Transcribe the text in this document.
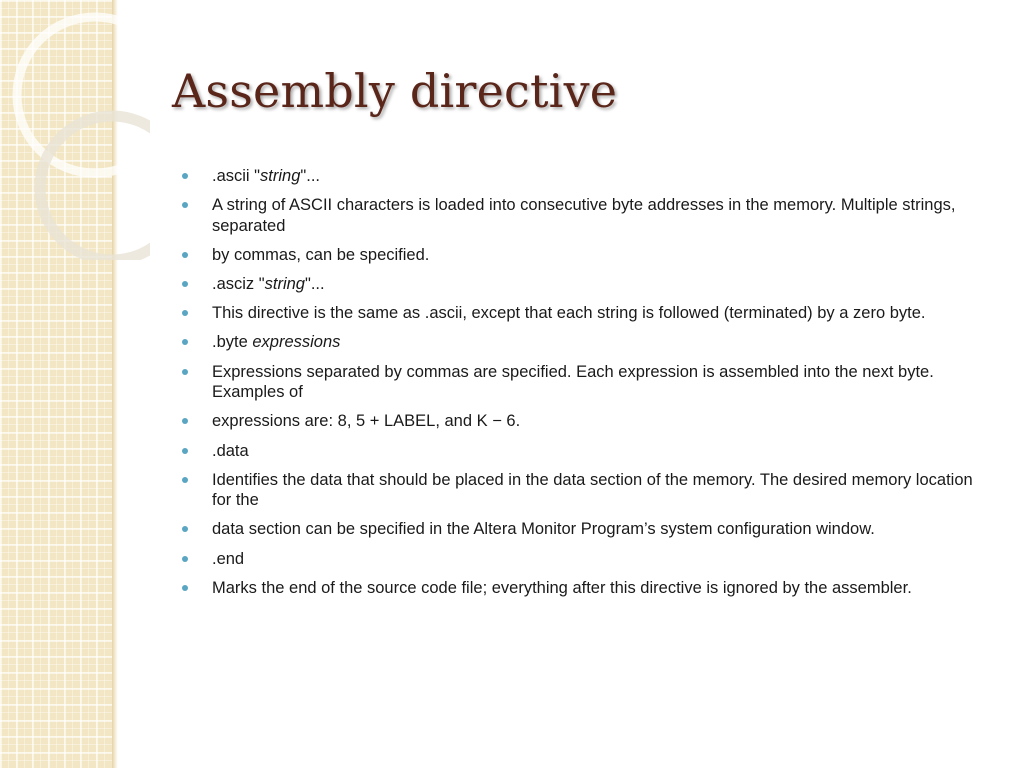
Assembly directive
.ascii "string"...
A string of ASCII characters is loaded into consecutive byte addresses in the memory. Multiple strings, separated
by commas, can be specified.
.asciz "string"...
This directive is the same as .ascii, except that each string is followed (terminated) by a zero byte.
.byte expressions
Expressions separated by commas are specified. Each expression is assembled into the next byte. Examples of
expressions are: 8, 5 + LABEL, and K − 6.
.data
Identifies the data that should be placed in the data section of the memory. The desired memory location for the
data section can be specified in the Altera Monitor Program’s system configuration window.
.end
Marks the end of the source code file; everything after this directive is ignored by the assembler.
